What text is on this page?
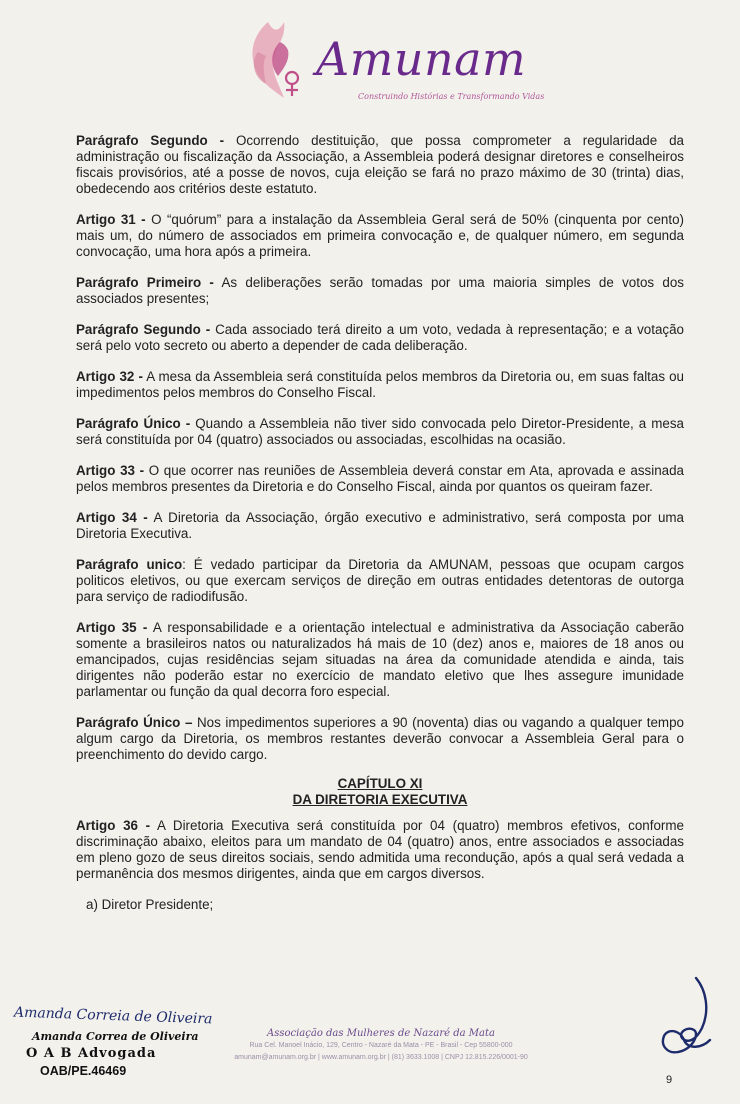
Amunam
Construindo Histórias e Transformando Vidas

Parágrafo Segundo - Ocorrendo destituição, que possa comprometer a regularidade da administração ou fiscalização da Associação, a Assembleia poderá designar diretores e conselheiros fiscais provisórios, até a posse de novos, cuja eleição se fará no prazo máximo de 30 (trinta) dias, obedecendo aos critérios deste estatuto.

Artigo 31 - O “quórum” para a instalação da Assembleia Geral será de 50% (cinquenta por cento) mais um, do número de associados em primeira convocação e, de qualquer número, em segunda convocação, uma hora após a primeira.

Parágrafo Primeiro - As deliberações serão tomadas por uma maioria simples de votos dos associados presentes;

Parágrafo Segundo - Cada associado terá direito a um voto, vedada à representação; e a votação será pelo voto secreto ou aberto a depender de cada deliberação.

Artigo 32 - A mesa da Assembleia será constituída pelos membros da Diretoria ou, em suas faltas ou impedimentos pelos membros do Conselho Fiscal.

Parágrafo Único - Quando a Assembleia não tiver sido convocada pelo Diretor-Presidente, a mesa será constituída por 04 (quatro) associados ou associadas, escolhidas na ocasião.

Artigo 33 - O que ocorrer nas reuniões de Assembleia deverá constar em Ata, aprovada e assinada pelos membros presentes da Diretoria e do Conselho Fiscal, ainda por quantos os queiram fazer.

Artigo 34 - A Diretoria da Associação, órgão executivo e administrativo, será composta por uma Diretoria Executiva.

Parágrafo unico: É vedado participar da Diretoria da AMUNAM, pessoas que ocupam cargos politicos eletivos, ou que exercam serviços de direção em outras entidades detentoras de outorga para serviço de radiodifusão.

Artigo 35 - A responsabilidade e a orientação intelectual e administrativa da Associação caberão somente a brasileiros natos ou naturalizados há mais de 10 (dez) anos e, maiores de 18 anos ou emancipados, cujas residências sejam situadas na área da comunidade atendida e ainda, tais dirigentes não poderão estar no exercício de mandato eletivo que lhes assegure imunidade parlamentar ou função da qual decorra foro especial.

Parágrafo Único – Nos impedimentos superiores a 90 (noventa) dias ou vagando a qualquer tempo algum cargo da Diretoria, os membros restantes deverão convocar a Assembleia Geral para o preenchimento do devido cargo.

CAPÍTULO XI
DA DIRETORIA EXECUTIVA

Artigo 36 - A Diretoria Executiva será constituída por 04 (quatro) membros efetivos, conforme discriminação abaixo, eleitos para um mandato de 04 (quatro) anos, entre associados e associadas em pleno gozo de seus direitos sociais, sendo admitida uma recondução, após a qual será vedada a permanência dos mesmos dirigentes, ainda que em cargos diversos.

a) Diretor Presidente;
Amanda Correia de Oliveira
Amanda Correa de Oliveira
O A B Advogada
OAB/PE.46469
Associação das Mulheres de Nazaré da Mata
Rua Cel. Manoel Inácio, 129, Centro - Nazaré da Mata - PE - Brasil - Cep 55800-000
amunam@amunam.org.br | www.amunam.org.br | (81) 3633.1008 | CNPJ 12.815.226/0001-90
9
